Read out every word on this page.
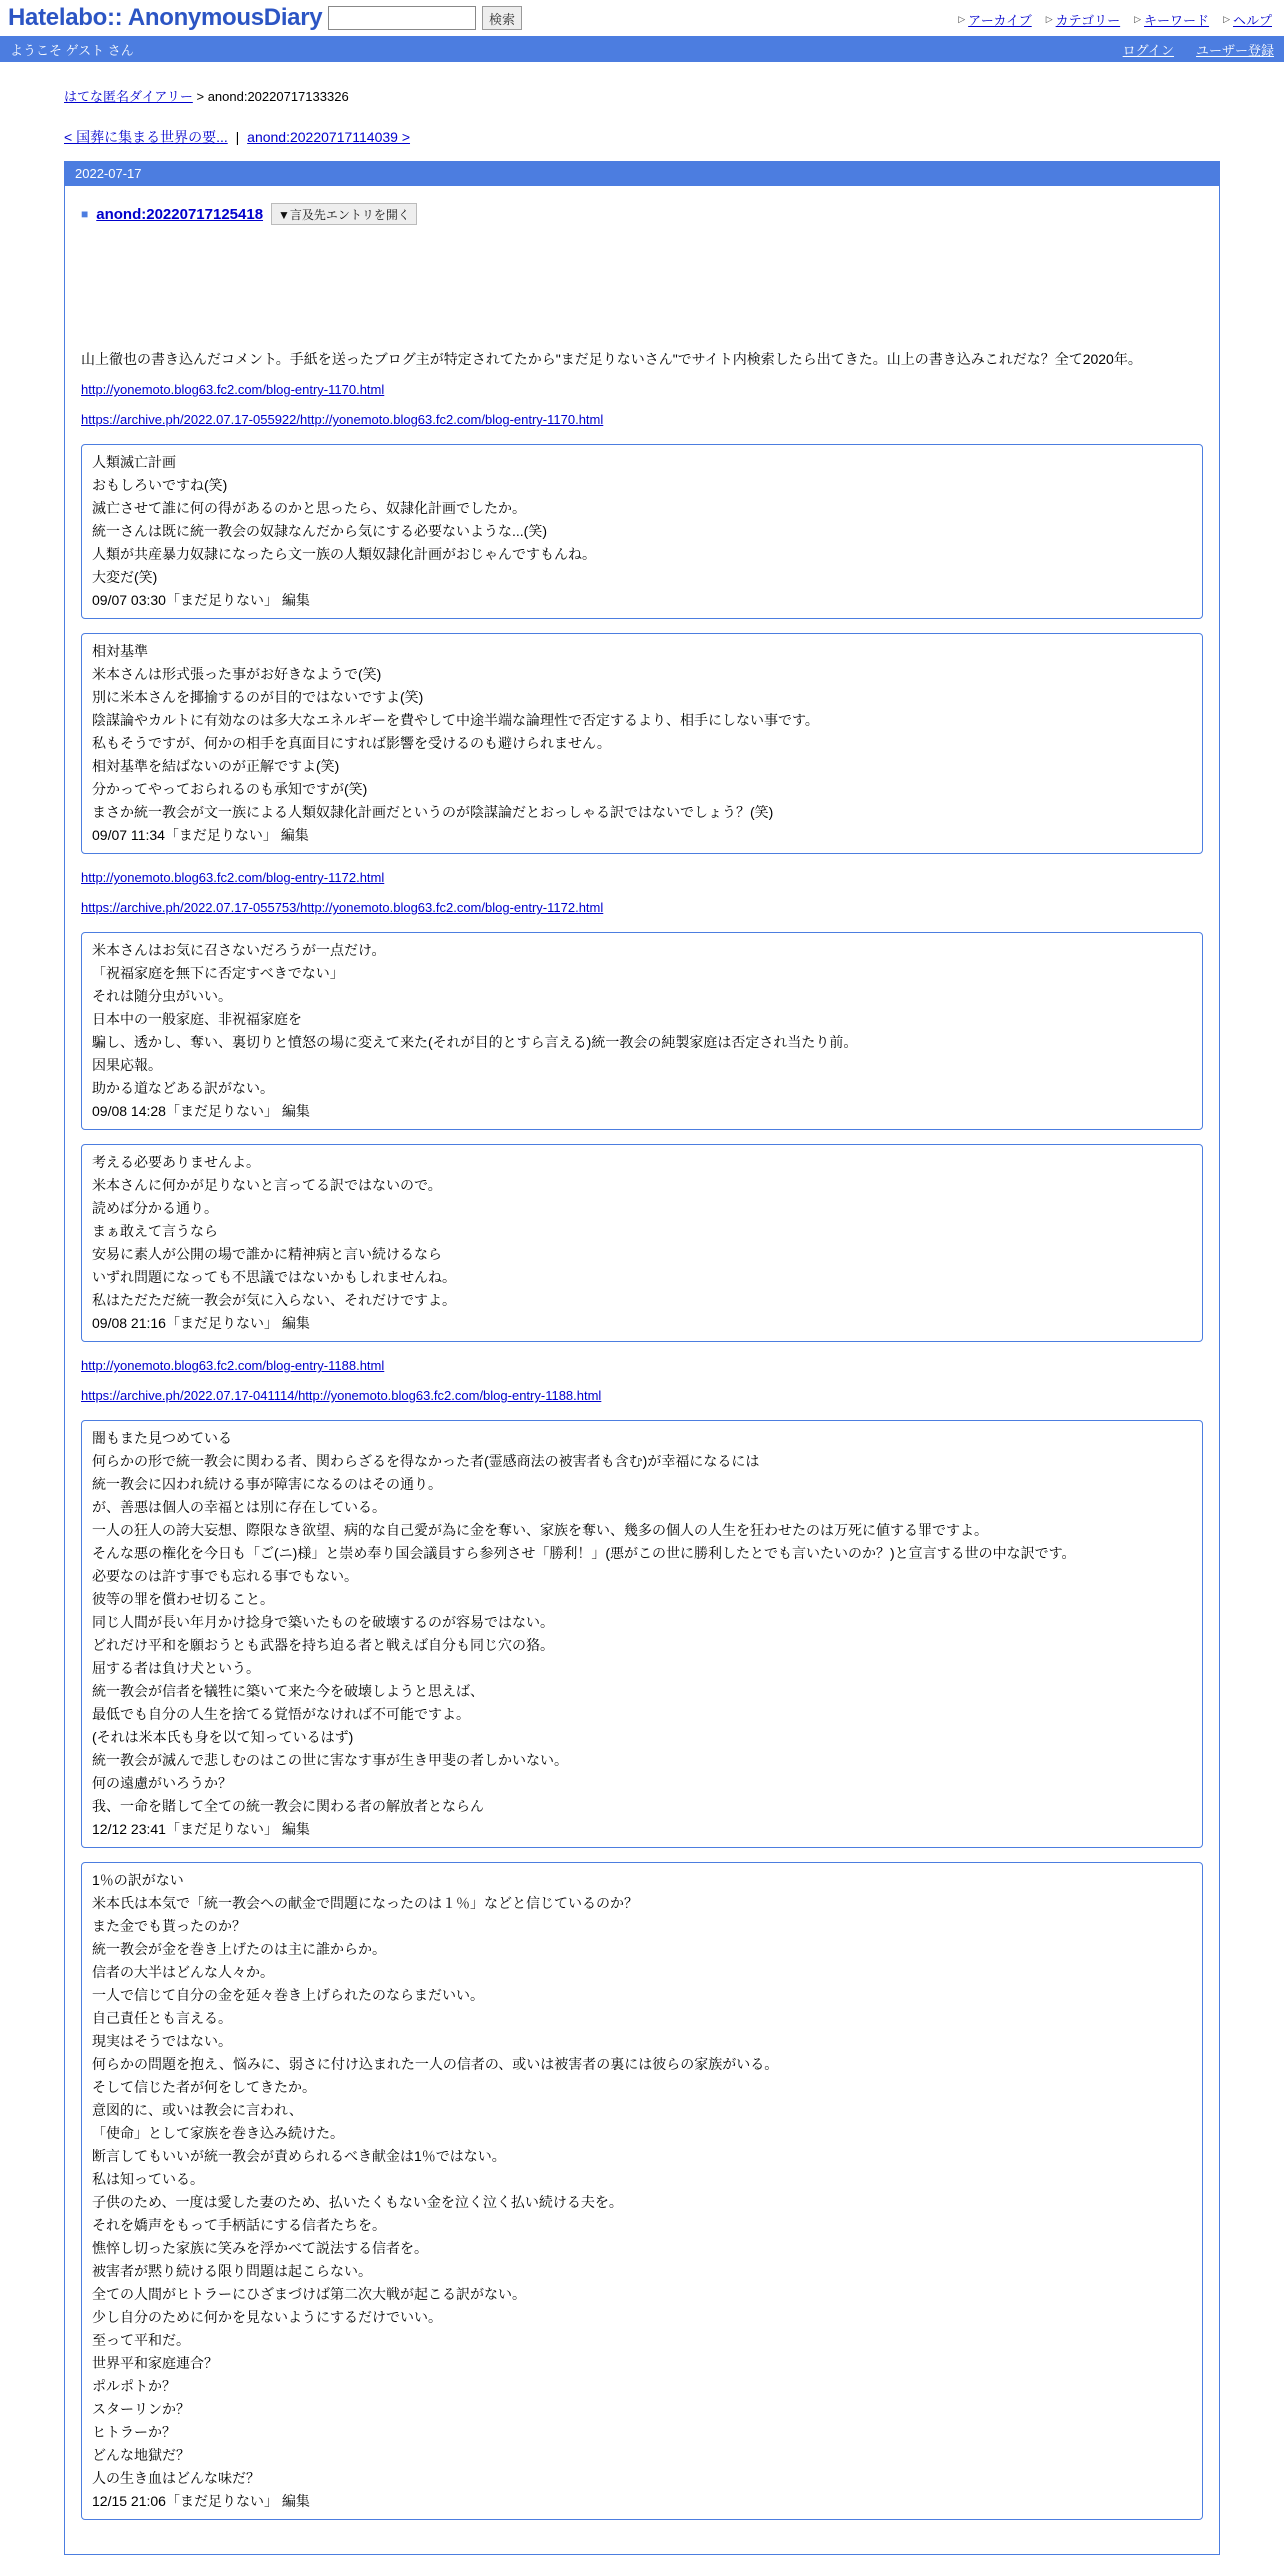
Hatelabo:: AnonymousDiary	検索	▷ アーカイブ ▷ カテゴリー ▷ キーワード ▷ ヘルプ
ようこそ ゲスト さん	ログイン ユーザー登録
はてな匿名ダイアリー > anond:20220717133326
< 国葬に集まる世界の要... | anond:20220717114039 >
2022-07-17
■ anond:20220717125418	▼言及先エントリを開く

山上徹也の書き込んだコメント。手紙を送ったブログ主が特定されてたから"まだ足りないさん"でサイト内検索したら出てきた。山上の書き込みこれだな？全て2020年。

http://yonemoto.blog63.fc2.com/blog-entry-1170.html
https://archive.ph/2022.07.17-055922/http://yonemoto.blog63.fc2.com/blog-entry-1170.html
人類滅亡計画
おもしろいですね(笑)
滅亡させて誰に何の得があるのかと思ったら、奴隷化計画でしたか。
統一さんは既に統一教会の奴隷なんだから気にする必要ないような...(笑)
人類が共産暴力奴隷になったら文一族の人類奴隷化計画がおじゃんですもんね。
大変だ(笑)
09/07 03:30「まだ足りない」 編集
相対基準
米本さんは形式張った事がお好きなようで(笑)
別に米本さんを揶揄するのが目的ではないですよ(笑)
陰謀論やカルトに有効なのは多大なエネルギーを費やして中途半端な論理性で否定するより、相手にしない事です。
私もそうですが、何かの相手を真面目にすれば影響を受けるのも避けられません。
相対基準を結ばないのが正解ですよ(笑)
分かってやっておられるのも承知ですが(笑)
まさか統一教会が文一族による人類奴隷化計画だというのが陰謀論だとおっしゃる訳ではないでしょう？(笑)
09/07 11:34「まだ足りない」 編集
http://yonemoto.blog63.fc2.com/blog-entry-1172.html
https://archive.ph/2022.07.17-055753/http://yonemoto.blog63.fc2.com/blog-entry-1172.html
米本さんはお気に召さないだろうが一点だけ。
「祝福家庭を無下に否定すべきでない」
それは随分虫がいい。
日本中の一般家庭、非祝福家庭を
騙し、透かし、奪い、裏切りと憤怒の場に変えて来た(それが目的とすら言える)統一教会の純製家庭は否定され当たり前。
因果応報。
助かる道などある訳がない。
09/08 14:28「まだ足りない」 編集
考える必要ありませんよ。
米本さんに何かが足りないと言ってる訳ではないので。
読めば分かる通り。
まぁ敢えて言うなら
安易に素人が公開の場で誰かに精神病と言い続けるなら
いずれ問題になっても不思議ではないかもしれませんね。
私はただただ統一教会が気に入らない、それだけですよ。
09/08 21:16「まだ足りない」 編集
http://yonemoto.blog63.fc2.com/blog-entry-1188.html
https://archive.ph/2022.07.17-041114/http://yonemoto.blog63.fc2.com/blog-entry-1188.html
闇もまた見つめている
何らかの形で統一教会に関わる者、関わらざるを得なかった者(霊感商法の被害者も含む)が幸福になるには
統一教会に囚われ続ける事が障害になるのはその通り。
が、善悪は個人の幸福とは別に存在している。
一人の狂人の誇大妄想、際限なき欲望、病的な自己愛が為に金を奪い、家族を奪い、幾多の個人の人生を狂わせたのは万死に値する罪ですよ。
そんな悪の権化を今日も「ご(ニ)様」と崇め奉り国会議員すら参列させ「勝利！」(悪がこの世に勝利したとでも言いたいのか？)と宣言する世の中な訳です。
必要なのは許す事でも忘れる事でもない。
彼等の罪を償わせ切ること。
同じ人間が長い年月かけ捻身で築いたものを破壊するのが容易ではない。
どれだけ平和を願おうとも武器を持ち迫る者と戦えば自分も同じ穴の狢。
屈する者は負け犬という。
統一教会が信者を犠牲に築いて来た今を破壊しようと思えば、
最低でも自分の人生を捨てる覚悟がなければ不可能ですよ。
(それは米本氏も身を以て知っているはず)
統一教会が滅んで悲しむのはこの世に害なす事が生き甲斐の者しかいない。
何の遠慮がいろうか？
我、一命を賭して全ての統一教会に関わる者の解放者とならん
12/12 23:41「まだ足りない」 編集
1％の訳がない
米本氏は本気で「統一教会への献金で問題になったのは１％」などと信じているのか？
また金でも貰ったのか？
統一教会が金を巻き上げたのは主に誰からか。
信者の大半はどんな人々か。
一人で信じて自分の金を延々巻き上げられたのならまだいい。
自己責任とも言える。
現実はそうではない。
何らかの問題を抱え、悩みに、弱さに付け込まれた一人の信者の、或いは被害者の裏には彼らの家族がいる。
そして信じた者が何をしてきたか。
意図的に、或いは教会に言われ、
「使命」として家族を巻き込み続けた。
断言してもいいが統一教会が責められるべき献金は1％ではない。
私は知っている。
子供のため、一度は愛した妻のため、払いたくもない金を泣く泣く払い続ける夫を。
それを嬌声をもって手柄話にする信者たちを。
憔悴し切った家族に笑みを浮かべて説法する信者を。
被害者が黙り続ける限り問題は起こらない。
全ての人間がヒトラーにひざまづけば第二次大戦が起こる訳がない。
少し自分のために何かを見ないようにするだけでいい。
至って平和だ。
世界平和家庭連合？
ポルポトか？
スターリンか？
ヒトラーか？
どんな地獄だ？
人の生き血はどんな味だ？
12/15 21:06「まだ足りない」 編集
